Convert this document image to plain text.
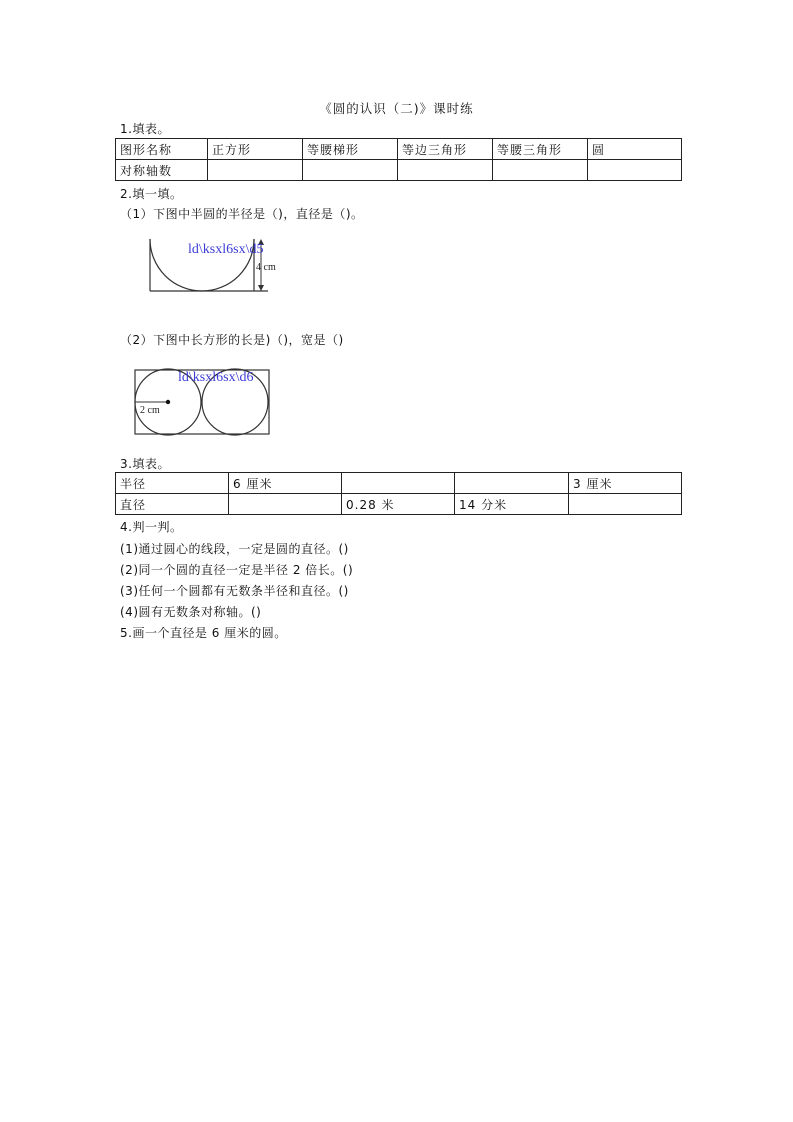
《圆的认识（二)》课时练
1.填表。
图形名称	正方形	等腰梯形	等边三角形	等腰三角形	圆
对称轴数					
2.填一填。
（1）下图中半圆的半径是（)，直径是（)。
4 cm
ld\ksxl6sx\d5
（2）下图中长方形的长是)（)，宽是（)
2 cm
ld\ksxl6sx\d6
3.填表。
半径	6 厘米			3 厘米
直径		0.28 米	14 分米	
4.判一判。
(1)通过圆心的线段，一定是圆的直径。()
(2)同一个圆的直径一定是半径 2 倍长。()
(3)任何一个圆都有无数条半径和直径。()
(4)圆有无数条对称轴。()
5.画一个直径是 6 厘米的圆。
